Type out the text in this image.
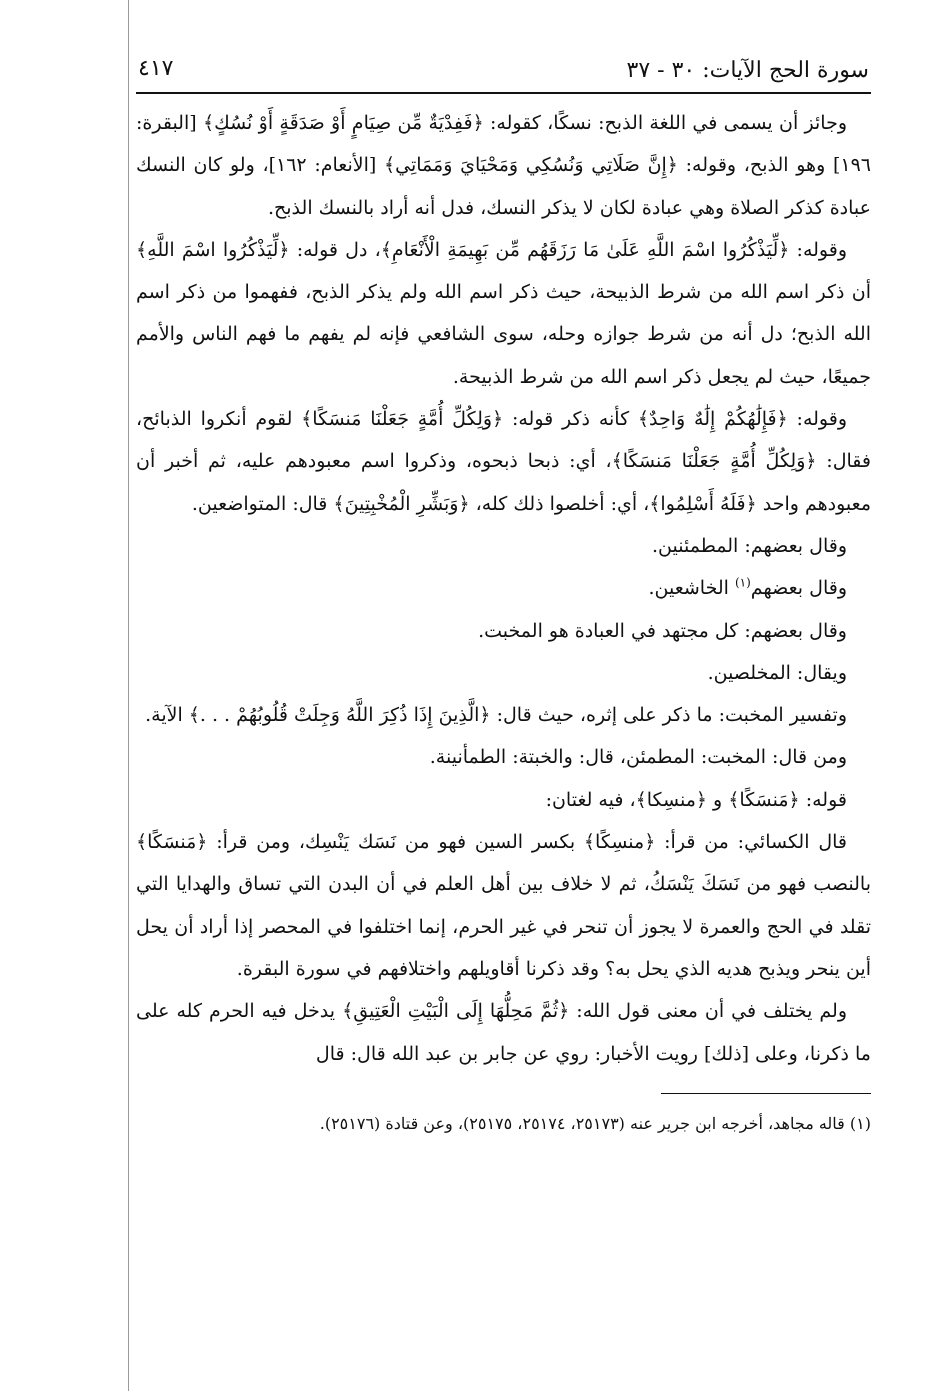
سورة الحج الآيات: ٣٠ - ٣٧
٤١٧

وجائز أن يسمى في اللغة الذبح: نسكًا، كقوله: ﴿فَفِدْيَةٌ مِّن صِيَامٍ أَوْ صَدَقَةٍ أَوْ نُسُكٍ﴾ [البقرة: ١٩٦] وهو الذبح، وقوله: ﴿إِنَّ صَلَاتِي وَنُسُكِي وَمَحْيَايَ وَمَمَاتِي﴾ [الأنعام: ١٦٢]، ولو كان النسك عبادة كذكر الصلاة وهي عبادة لكان لا يذكر النسك، فدل أنه أراد بالنسك الذبح.

وقوله: ﴿لِّيَذْكُرُوا اسْمَ اللَّهِ عَلَىٰ مَا رَزَقَهُم مِّن بَهِيمَةِ الْأَنْعَامِ﴾، دل قوله: ﴿لِّيَذْكُرُوا اسْمَ اللَّهِ﴾ أن ذكر اسم الله من شرط الذبيحة، حيث ذكر اسم الله ولم يذكر الذبح، ففهموا من ذكر اسم الله الذبح؛ دل أنه من شرط جوازه وحله، سوى الشافعي فإنه لم يفهم ما فهم الناس والأمم جميعًا، حيث لم يجعل ذكر اسم الله من شرط الذبيحة.

وقوله: ﴿فَإِلَٰهُكُمْ إِلَٰهٌ وَاحِدٌ﴾ كأنه ذكر قوله: ﴿وَلِكُلِّ أُمَّةٍ جَعَلْنَا مَنسَكًا﴾ لقوم أنكروا الذبائح، فقال: ﴿وَلِكُلِّ أُمَّةٍ جَعَلْنَا مَنسَكًا﴾، أي: ذبحا ذبحوه، وذكروا اسم معبودهم عليه، ثم أخبر أن معبودهم واحد ﴿فَلَهُ أَسْلِمُوا﴾، أي: أخلصوا ذلك كله، ﴿وَبَشِّرِ الْمُخْبِتِينَ﴾ قال: المتواضعين.

وقال بعضهم: المطمئنين.

وقال بعضهم$^{(١)}$ الخاشعين.

وقال بعضهم: كل مجتهد في العبادة هو المخبت.

ويقال: المخلصين.

وتفسير المخبت: ما ذكر على إثره، حيث قال: ﴿الَّذِينَ إِذَا ذُكِرَ اللَّهُ وَجِلَتْ قُلُوبُهُمْ . . .﴾ الآية.

ومن قال: المخبت: المطمئن، قال: والخبتة: الطمأنينة.

قوله: ﴿مَنسَكًا﴾ و ﴿منسِكا﴾، فيه لغتان:

قال الكسائي: من قرأ: ﴿منسِكًا﴾ بكسر السين فهو من نَسَك يَنْسِك، ومن قرأ: ﴿مَنسَكًا﴾ بالنصب فهو من نَسَكَ يَنْسَكُ، ثم لا خلاف بين أهل العلم في أن البدن التي تساق والهدايا التي تقلد في الحج والعمرة لا يجوز أن تنحر في غير الحرم، إنما اختلفوا في المحصر إذا أراد أن يحل أين ينحر ويذبح هديه الذي يحل به؟ وقد ذكرنا أقاويلهم واختلافهم في سورة البقرة.

ولم يختلف في أن معنى قول الله: ﴿ثُمَّ مَحِلُّهَا إِلَى الْبَيْتِ الْعَتِيقِ﴾ يدخل فيه الحرم كله على ما ذكرنا، وعلى [ذلك] رويت الأخبار: روي عن جابر بن عبد الله قال: قال

(١) قاله مجاهد، أخرجه ابن جرير عنه (٢٥١٧٣، ٢٥١٧٤، ٢٥١٧٥)، وعن قتادة (٢٥١٧٦).
